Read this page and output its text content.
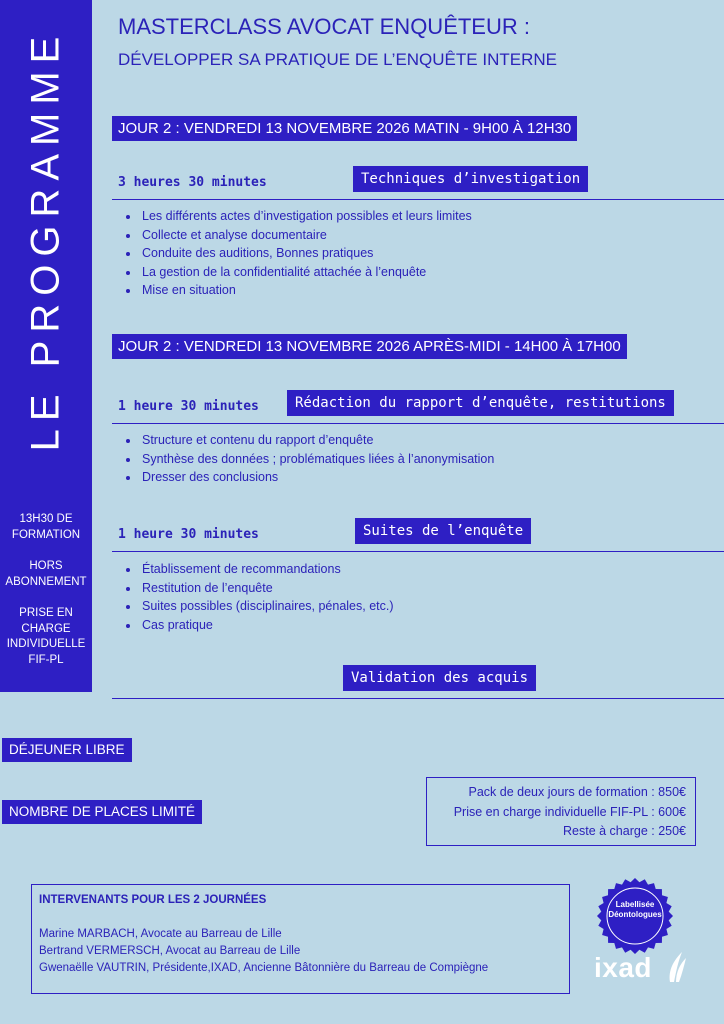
LE PROGRAMME
13H30 DE
FORMATION
HORS
ABONNEMENT
PRISE EN
CHARGE
INDIVIDUELLE
FIF-PL
MASTERCLASS AVOCAT ENQUÊTEUR :
DÉVELOPPER SA PRATIQUE DE L’ENQUÊTE INTERNE
JOUR 2 : VENDREDI 13 NOVEMBRE 2026 MATIN - 9H00 À 12H30
3 heures 30 minutes	Techniques d’investigation
• Les différents actes d’investigation possibles et leurs limites
• Collecte et analyse documentaire
• Conduite des auditions, Bonnes pratiques
• La gestion de la confidentialité attachée à l’enquête
• Mise en situation
JOUR 2 : VENDREDI 13 NOVEMBRE 2026 APRÈS-MIDI - 14H00 À 17H00
1 heure 30 minutes	Rédaction du rapport d’enquête, restitutions
• Structure et contenu du rapport d’enquête
• Synthèse des données ; problématiques liées à l’anonymisation
• Dresser des conclusions
1 heure 30 minutes	Suites de l’enquête
• Établissement de recommandations
• Restitution de l’enquête
• Suites possibles (disciplinaires, pénales, etc.)
• Cas pratique
Validation des acquis
DÉJEUNER LIBRE
NOMBRE DE PLACES LIMITÉ
Pack de deux jours de formation : 850€
Prise en charge individuelle FIF-PL : 600€
Reste à charge : 250€
INTERVENANTS POUR LES 2 JOURNÉES
Marine MARBACH, Avocate au Barreau de Lille
Bertrand VERMERSCH, Avocat au Barreau de Lille
Gwenaëlle VAUTRIN, Présidente,IXAD, Ancienne Bâtonnière du Barreau de Compiègne
Labellisée
Déontologues
ixad
